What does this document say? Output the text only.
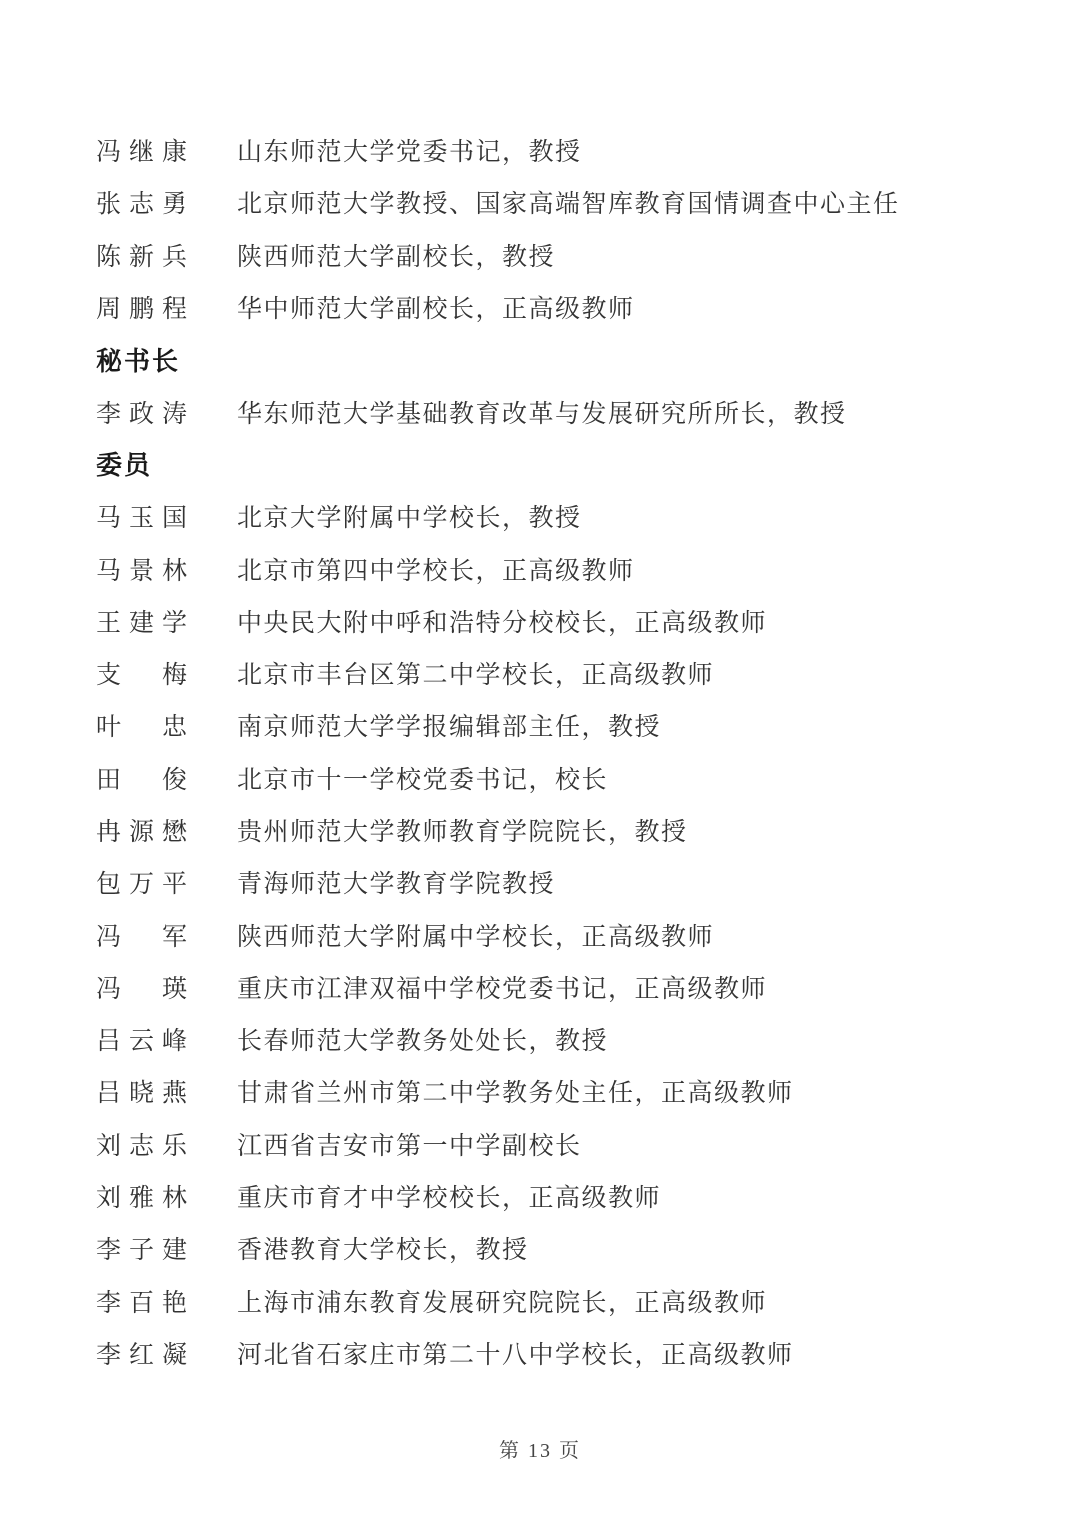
冯继康 山东师范大学党委书记，教授
张志勇 北京师范大学教授、国家高端智库教育国情调查中心主任
陈新兵 陕西师范大学副校长，教授
周鹏程 华中师范大学副校长，正高级教师
秘书长
李政涛 华东师范大学基础教育改革与发展研究所所长，教授
委员
马玉国 北京大学附属中学校长，教授
马景林 北京市第四中学校长，正高级教师
王建学 中央民大附中呼和浩特分校校长，正高级教师
支　梅 北京市丰台区第二中学校长，正高级教师
叶　忠 南京师范大学学报编辑部主任，教授
田　俊 北京市十一学校党委书记，校长
冉源懋 贵州师范大学教师教育学院院长，教授
包万平 青海师范大学教育学院教授
冯　军 陕西师范大学附属中学校长，正高级教师
冯　瑛 重庆市江津双福中学校党委书记，正高级教师
吕云峰 长春师范大学教务处处长，教授
吕晓燕 甘肃省兰州市第二中学教务处主任，正高级教师
刘志乐 江西省吉安市第一中学副校长
刘雅林 重庆市育才中学校校长，正高级教师
李子建 香港教育大学校长，教授
李百艳 上海市浦东教育发展研究院院长，正高级教师
李红凝 河北省石家庄市第二十八中学校长，正高级教师
第 13 页
